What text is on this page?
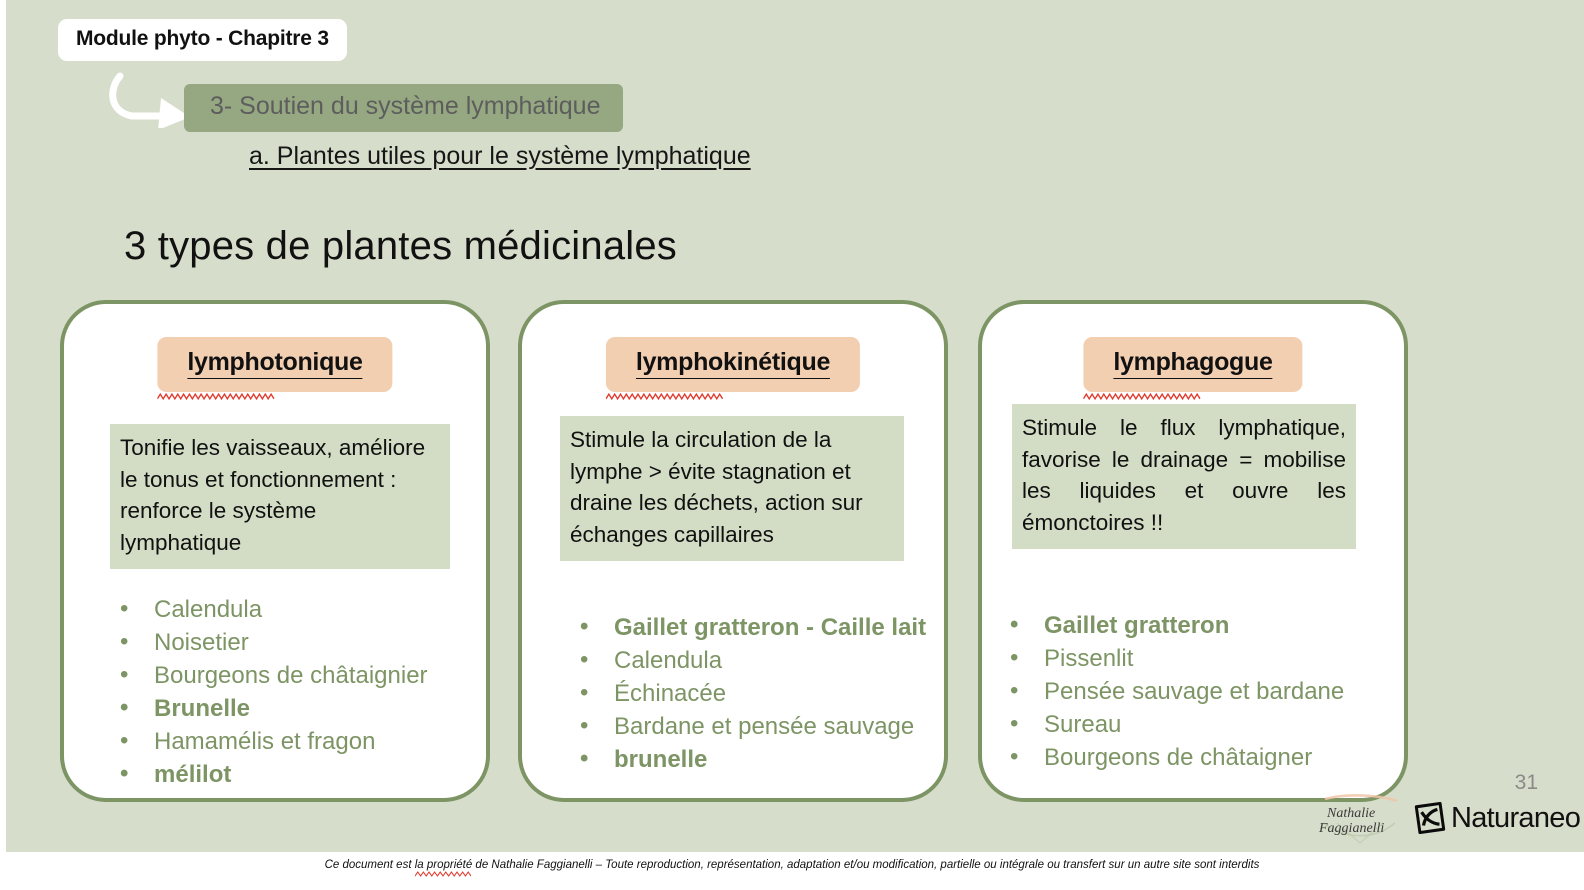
Module phyto - Chapitre 3
3- Soutien du système lymphatique
a. Plantes utiles pour le système lymphatique
3 types de plantes médicinales
lymphotonique
Tonifie les vaisseaux, améliore le tonus et fonctionnement : renforce le système lymphatique
• Calendula
• Noisetier
• Bourgeons de châtaignier
• Brunelle
• Hamamélis et fragon
• mélilot
lymphokinétique
Stimule la circulation de la lymphe > évite stagnation et draine les déchets, action sur échanges capillaires
• Gaillet gratteron - Caille lait
• Calendula
• Échinacée
• Bardane et pensée sauvage
• brunelle
lymphagogue
Stimule le flux lymphatique, favorise le drainage = mobilise les liquides et ouvre les émonctoires !!
• Gaillet gratteron
• Pissenlit
• Pensée sauvage et bardane
• Sureau
• Bourgeons de châtaigner
31
Nathalie
Faggianelli Naturaneo
Ce document est la propriété de Nathalie Faggianelli – Toute reproduction, représentation, adaptation et/ou modification, partielle ou intégrale ou transfert sur un autre site sont interdits
